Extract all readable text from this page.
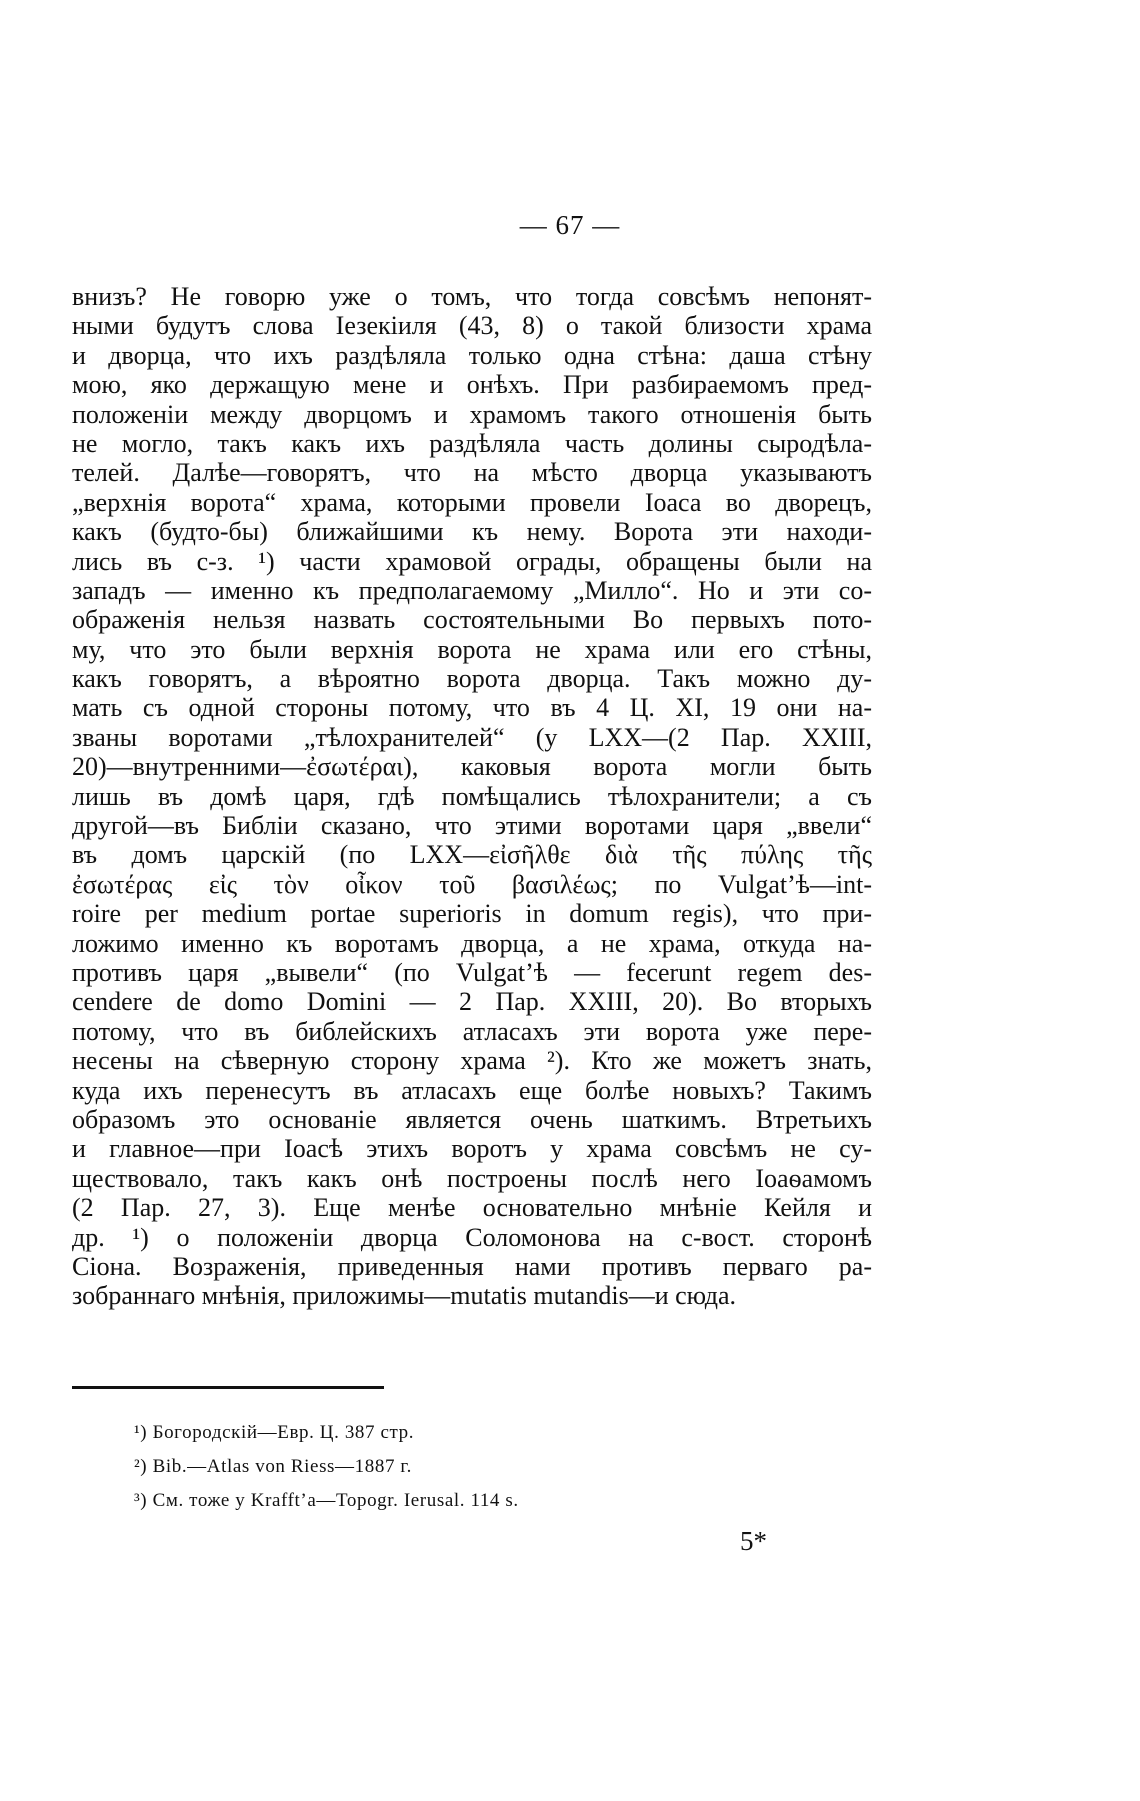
— 67 —
внизъ? Не говорю уже о томъ, что тогда совсѣмъ непонят-
ными будутъ слова Iезекiиля (43, 8) о такой близости храма
и дворца, что ихъ раздѣляла только одна стѣна: даша стѣну
мою, яко держащую мене и онѣхъ. При разбираемомъ пред-
положенiи между дворцомъ и храмомъ такого отношенiя быть
не могло, такъ какъ ихъ раздѣляла часть долины сыродѣла-
телей. Далѣе—говорятъ, что на мѣсто дворца указываютъ
„верхнiя ворота“ храма, которыми провели Iоаса во дворецъ,
какъ (будто-бы) ближайшими къ нему. Ворота эти находи-
лись въ с-з. ¹) части храмовой ограды, обращены были на
западъ — именно къ предполагаемому „Милло“. Но и эти со-
ображенiя нельзя назвать состоятельными Во первыхъ пото-
му, что это были верхнiя ворота не храма или его стѣны,
какъ говорятъ, а вѣроятно ворота дворца. Такъ можно ду-
мать съ одной стороны потому, что въ 4 Ц. XI, 19 они на-
званы воротами „тѣлохранителей“ (у LXX—(2 Пар. XXIII,
20)—внутренними—ἐσωτέραι), каковыя ворота могли быть
лишь въ домѣ царя, гдѣ помѣщались тѣлохранители; а съ
другой—въ Библiи сказано, что этими воротами царя „ввели“
въ домъ царскiй (по LXX—εἰσῆλθε διὰ τῆς πύλης τῆς
ἐσωτέρας εἰς τὸν οἶκον τοῦ βασιλέως; по Vulgat’ѣ—int-
roire per medium portae superioris in domum regis), что при-
ложимо именно къ воротамъ дворца, а не храма, откуда на-
противъ царя „вывели“ (по Vulgat’ѣ — fecerunt regem des-
cendere de domo Domini — 2 Пар. XXIII, 20). Во вторыхъ
потому, что въ библейскихъ атласахъ эти ворота уже пере-
несены на сѣверную сторону храма ²). Кто же можетъ знать,
куда ихъ перенесутъ въ атласахъ еще болѣе новыхъ? Такимъ
образомъ это основанiе является очень шаткимъ. Втретьихъ
и главное—при Iоасѣ этихъ воротъ у храма совсѣмъ не су-
ществовало, такъ какъ онѣ построены послѣ него Iоаѳамомъ
(2 Пар. 27, 3). Еще менѣе основательно мнѣнiе Кейля и
др. ¹) о положенiи дворца Соломонова на с-вост. сторонѣ
Сiона. Возраженiя, приведенныя нами противъ перваго ра-
зобраннаго мнѣнiя, приложимы—mutatis mutandis—и сюда.
¹) Богородскiй—Евр. Ц. 387 стр.
²) Bib.—Atlas von Riess—1887 г.
³) См. тоже у Krafft’a—Topogr. Ierusal. 114 s.
5*
